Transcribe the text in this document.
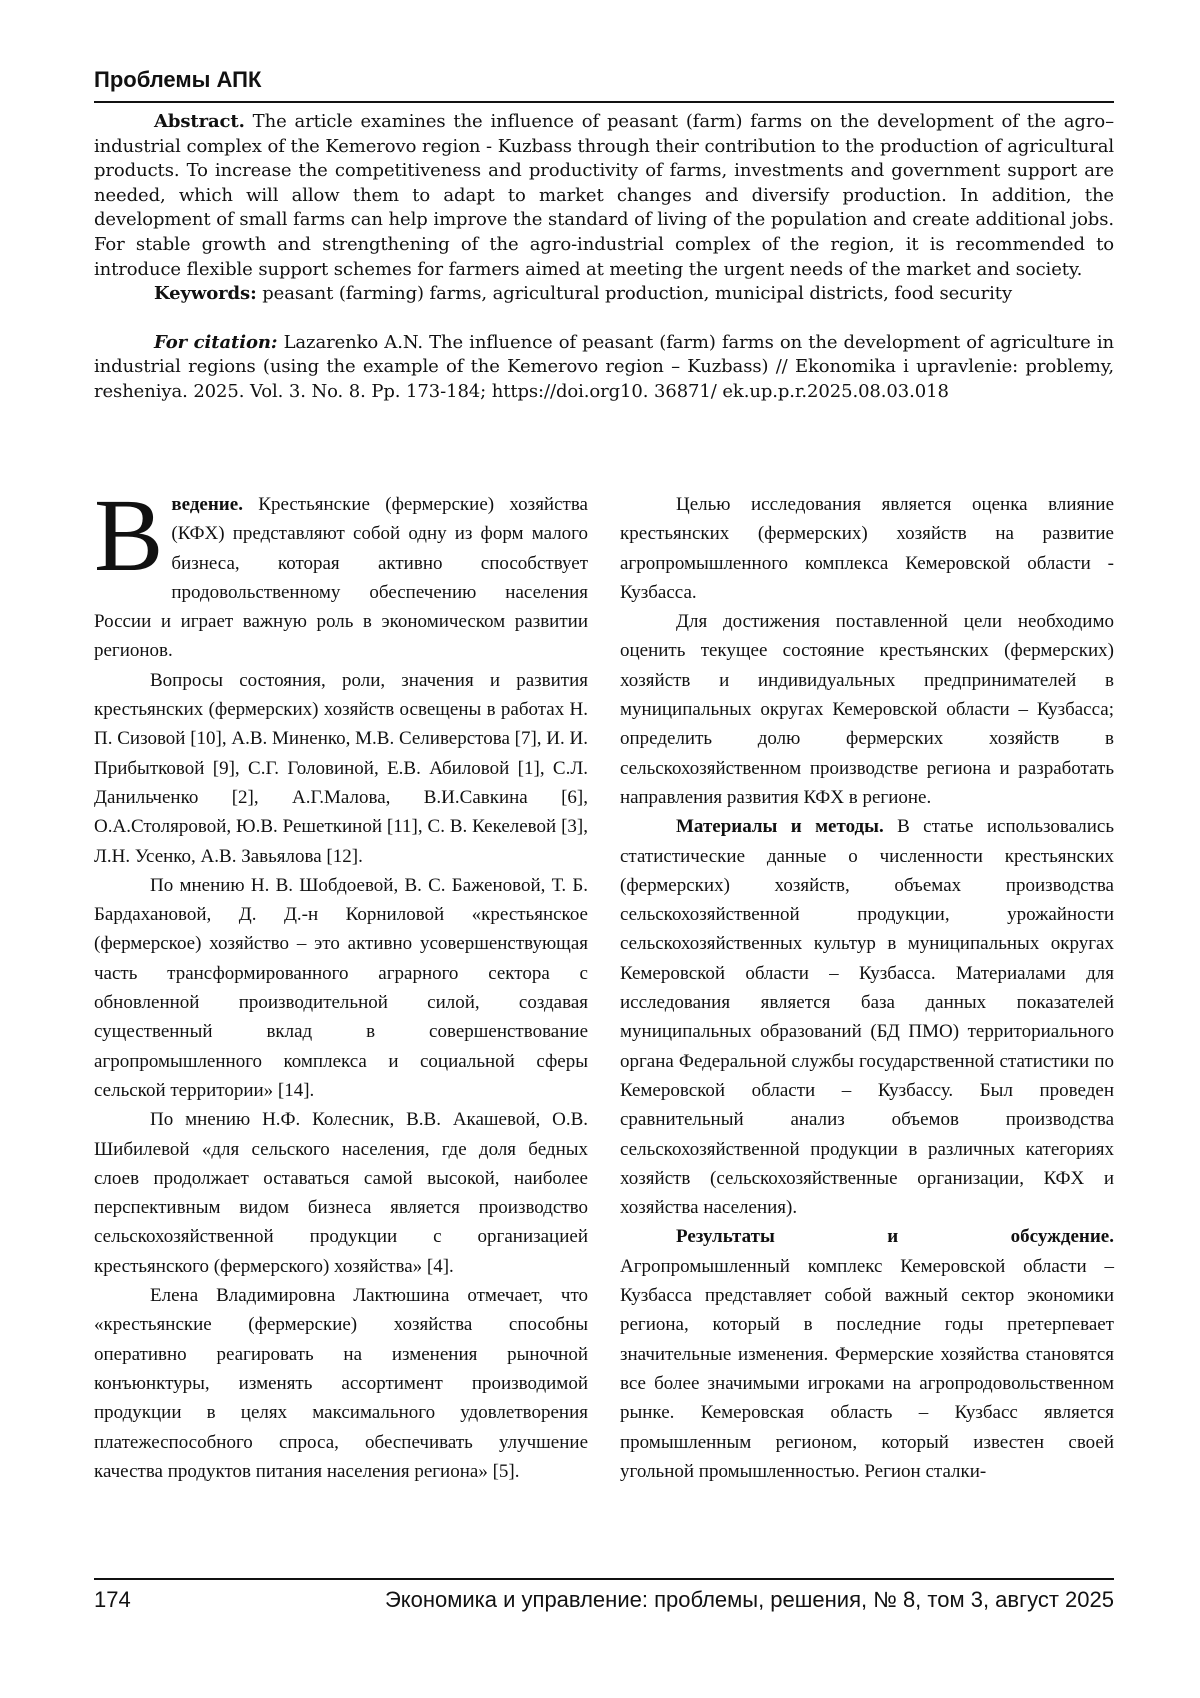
Проблемы АПК

Abstract. The article examines the influence of peasant (farm) farms on the development of the agro–industrial complex of the Kemerovo region - Kuzbass through their contribution to the production of agricultural products. To increase the competitiveness and productivity of farms, investments and government support are needed, which will allow them to adapt to market changes and diversify production. In addition, the development of small farms can help improve the standard of living of the population and create additional jobs. For stable growth and strengthening of the agro-industrial complex of the region, it is recommended to introduce flexible support schemes for farmers aimed at meeting the urgent needs of the market and society.

Keywords: peasant (farming) farms, agricultural production, municipal districts, food security

For citation: Lazarenko A.N. The influence of peasant (farm) farms on the development of agriculture in industrial regions (using the example of the Kemerovo region – Kuzbass) // Ekonomika i upravlenie: problemy, resheniya. 2025. Vol. 3. No. 8. Pp. 173-184; https://doi.org10. 36871/ ek.up.p.r.2025.08.03.018

Введение. Крестьянские (фермерские) хозяйства (КФХ) представляют собой одну из форм малого бизнеса, которая активно способствует продовольственному обеспечению населения России и играет важную роль в экономическом развитии регионов.

Вопросы состояния, роли, значения и развития крестьянских (фермерских) хозяйств освещены в работах Н. П. Сизовой [10], А.В. Миненко, М.В. Селиверстова [7], И. И. Прибытковой [9], С.Г. Головиной, Е.В. Абиловой [1], С.Л. Данильченко [2], А.Г.Малова, В.И.Савкина [6], О.А.Столяровой, Ю.В. Решеткиной [11], С. В. Кекелевой [3], Л.Н. Усенко, А.В. Завьялова [12].

По мнению Н. В. Шобдоевой, В. С. Баженовой, Т. Б. Бардахановой, Д. Д.-н Корниловой «крестьянское (фермерское) хозяйство – это активно усовершенствующая часть трансформированного аграрного сектора с обновленной производительной силой, создавая существенный вклад в совершенствование агропромышленного комплекса и социальной сферы сельской территории» [14].

По мнению Н.Ф. Колесник, В.В. Акашевой, О.В. Шибилевой «для сельского населения, где доля бедных слоев продолжает оставаться самой высокой, наиболее перспективным видом бизнеса является производство сельскохозяйственной продукции с организацией крестьянского (фермерского) хозяйства» [4].

Елена Владимировна Лактюшина отмечает, что «крестьянские (фермерские) хозяйства способны оперативно реагировать на изменения рыночной конъюнктуры, изменять ассортимент производимой продукции в целях максимального удовлетворения платежеспособного спроса, обеспечивать улучшение качества продуктов питания населения региона» [5].

Целью исследования является оценка влияние крестьянских (фермерских) хозяйств на развитие агропромышленного комплекса Кемеровской области - Кузбасса.

Для достижения поставленной цели необходимо оценить текущее состояние крестьянских (фермерских) хозяйств и индивидуальных предпринимателей в муниципальных округах Кемеровской области – Кузбасса; определить долю фермерских хозяйств в сельскохозяйственном производстве региона и разработать направления развития КФХ в регионе.

Материалы и методы. В статье использовались статистические данные о численности крестьянских (фермерских) хозяйств, объемах производства сельскохозяйственной продукции, урожайности сельскохозяйственных культур в муниципальных округах Кемеровской области – Кузбасса. Материалами для исследования является база данных показателей муниципальных образований (БД ПМО) территориального органа Федеральной службы государственной статистики по Кемеровской области – Кузбассу. Был проведен сравнительный анализ объемов производства сельскохозяйственной продукции в различных категориях хозяйств (сельскохозяйственные организации, КФХ и хозяйства населения).

Результаты и обсуждение.

Агропромышленный комплекс Кемеровской области – Кузбасса представляет собой важный сектор экономики региона, который в последние годы претерпевает значительные изменения. Фермерские хозяйства становятся все более значимыми игроками на агропродовольственном рынке. Кемеровская область – Кузбасс является промышленным регионом, который известен своей угольной промышленностью. Регион сталки-

174	Экономика и управление: проблемы, решения, № 8, том 3, август 2025
